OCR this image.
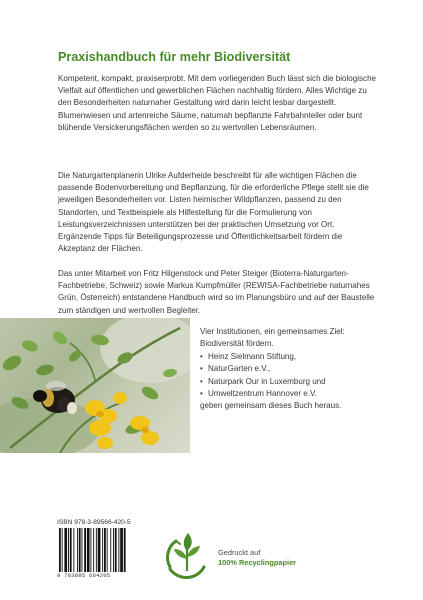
Praxishandbuch für mehr Biodiversität

Kompetent, kompakt, praxiserprobt. Mit dem vorliegenden Buch lässt sich die biologische Vielfalt auf öffentlichen und gewerblichen Flächen nachhaltig fördern. Alles Wichtige zu den Besonderheiten naturnaher Gestaltung wird darin leicht lesbar dargestellt. Blumenwiesen und artenreiche Säume, naturnah bepflanzte Fahrbahnteiler oder bunt blühende Versickerungsflächen werden so zu wertvollen Lebensräumen.

Die Naturgartenplanerin Ulrike Aufderheide beschreibt für alle wichtigen Flächen die passende Bodenvorbereitung und Bepflanzung, für die erforderliche Pflege stellt sie die jeweiligen Besonderheiten vor. Listen heimischer Wildpflanzen, passend zu den Standorten, und Textbeispiele als Hilfestellung für die Formulierung von Leistungsverzeichnissen unterstützen bei der praktischen Umsetzung vor Ort. Ergänzende Tipps für Beteiligungsprozesse und Öffentlichkeitsarbeit fördern die Akzeptanz der Flächen.

Das unter Mitarbeit von Fritz Hilgenstock und Peter Steiger (Bioterra-Naturgarten-Fachbetriebe, Schweiz) sowie Markus Kumpfmüller (REWISA-Fachbetriebe naturnahes Grün, Österreich) entstandene Handbuch wird so im Planungsbüro und auf der Baustelle zum ständigen und wertvollen Begleiter.

Vier Institutionen, ein gemeinsames Ziel:
Biodiversität fördern.
• Heinz Sielmann Stiftung,
• NaturGarten e.V.,
• Naturpark Our in Luxemburg und
• Umweltzentrum Hannover e.V.
geben gemeinsam dieses Buch heraus.
ISBN 978-3-89566-420-5
9 783895 664205
Gedruckt auf
100% Recyclingpapier
